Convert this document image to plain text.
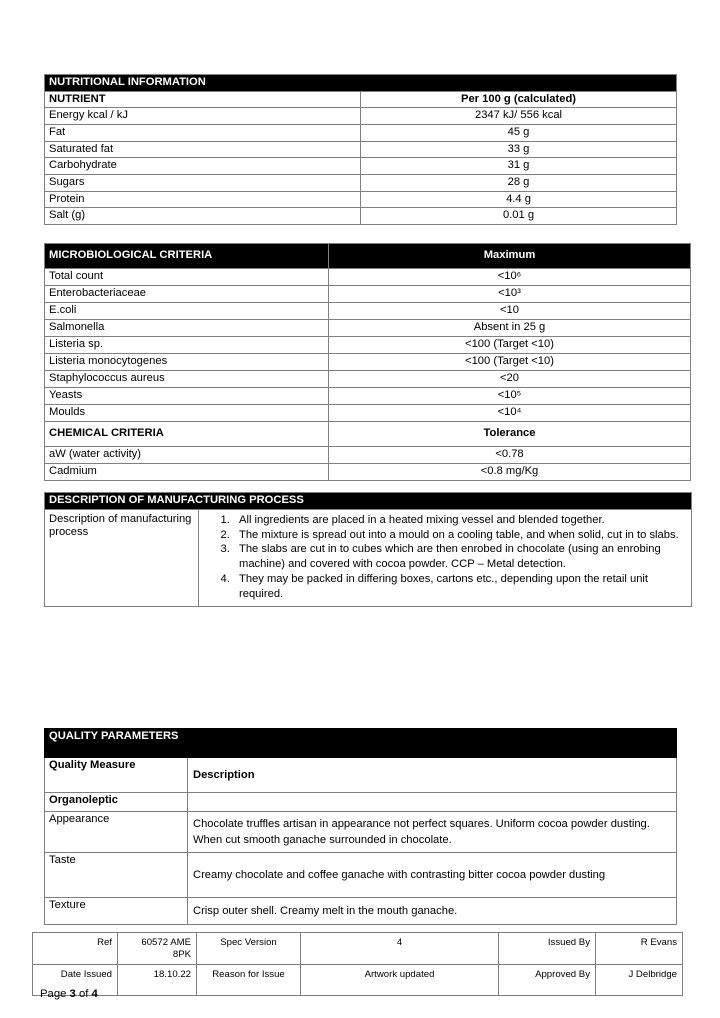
NUTRITIONAL INFORMATION	
NUTRIENT	Per 100 g (calculated)
Energy kcal / kJ	2347 kJ/ 556 kcal
Fat	45 g
Saturated fat	33 g
Carbohydrate	31 g
Sugars	28 g
Protein	4.4 g
Salt (g)	0.01 g
MICROBIOLOGICAL CRITERIA	Maximum
Total count	<10⁶
Enterobacteriaceae	<10³
E.coli	<10
Salmonella	Absent in 25 g
Listeria sp.	<100 (Target <10)
Listeria monocytogenes	<100 (Target <10)
Staphylococcus aureus	<20
Yeasts	<10⁵
Moulds	<10⁴
CHEMICAL CRITERIA	Tolerance
aW (water activity)	<0.78
Cadmium	<0.8 mg/Kg
DESCRIPTION OF MANUFACTURING PROCESS
Description of manufacturing process	
1. All ingredients are placed in a heated mixing vessel and blended together.
2. The mixture is spread out into a mould on a cooling table, and when solid, cut in to slabs.
3. The slabs are cut in to cubes which are then enrobed in chocolate (using an enrobing machine) and covered with cocoa powder. CCP – Metal detection.
4. They may be packed in differing boxes, cartons etc., depending upon the retail unit required.
QUALITY PARAMETERS	
Quality Measure	Description
Organoleptic	
Appearance	Chocolate truffles artisan in appearance not perfect squares. Uniform cocoa powder dusting. When cut smooth ganache surrounded in chocolate.
Taste	Creamy chocolate and coffee ganache with contrasting bitter cocoa powder dusting
Texture	Crisp outer shell. Creamy melt in the mouth ganache.
Ref	60572 AME 8PK	Spec Version	4	Issued By	R Evans
Date Issued	18.10.22	Reason for Issue	Artwork updated	Approved By	J Delbridge
Page 3 of 4
